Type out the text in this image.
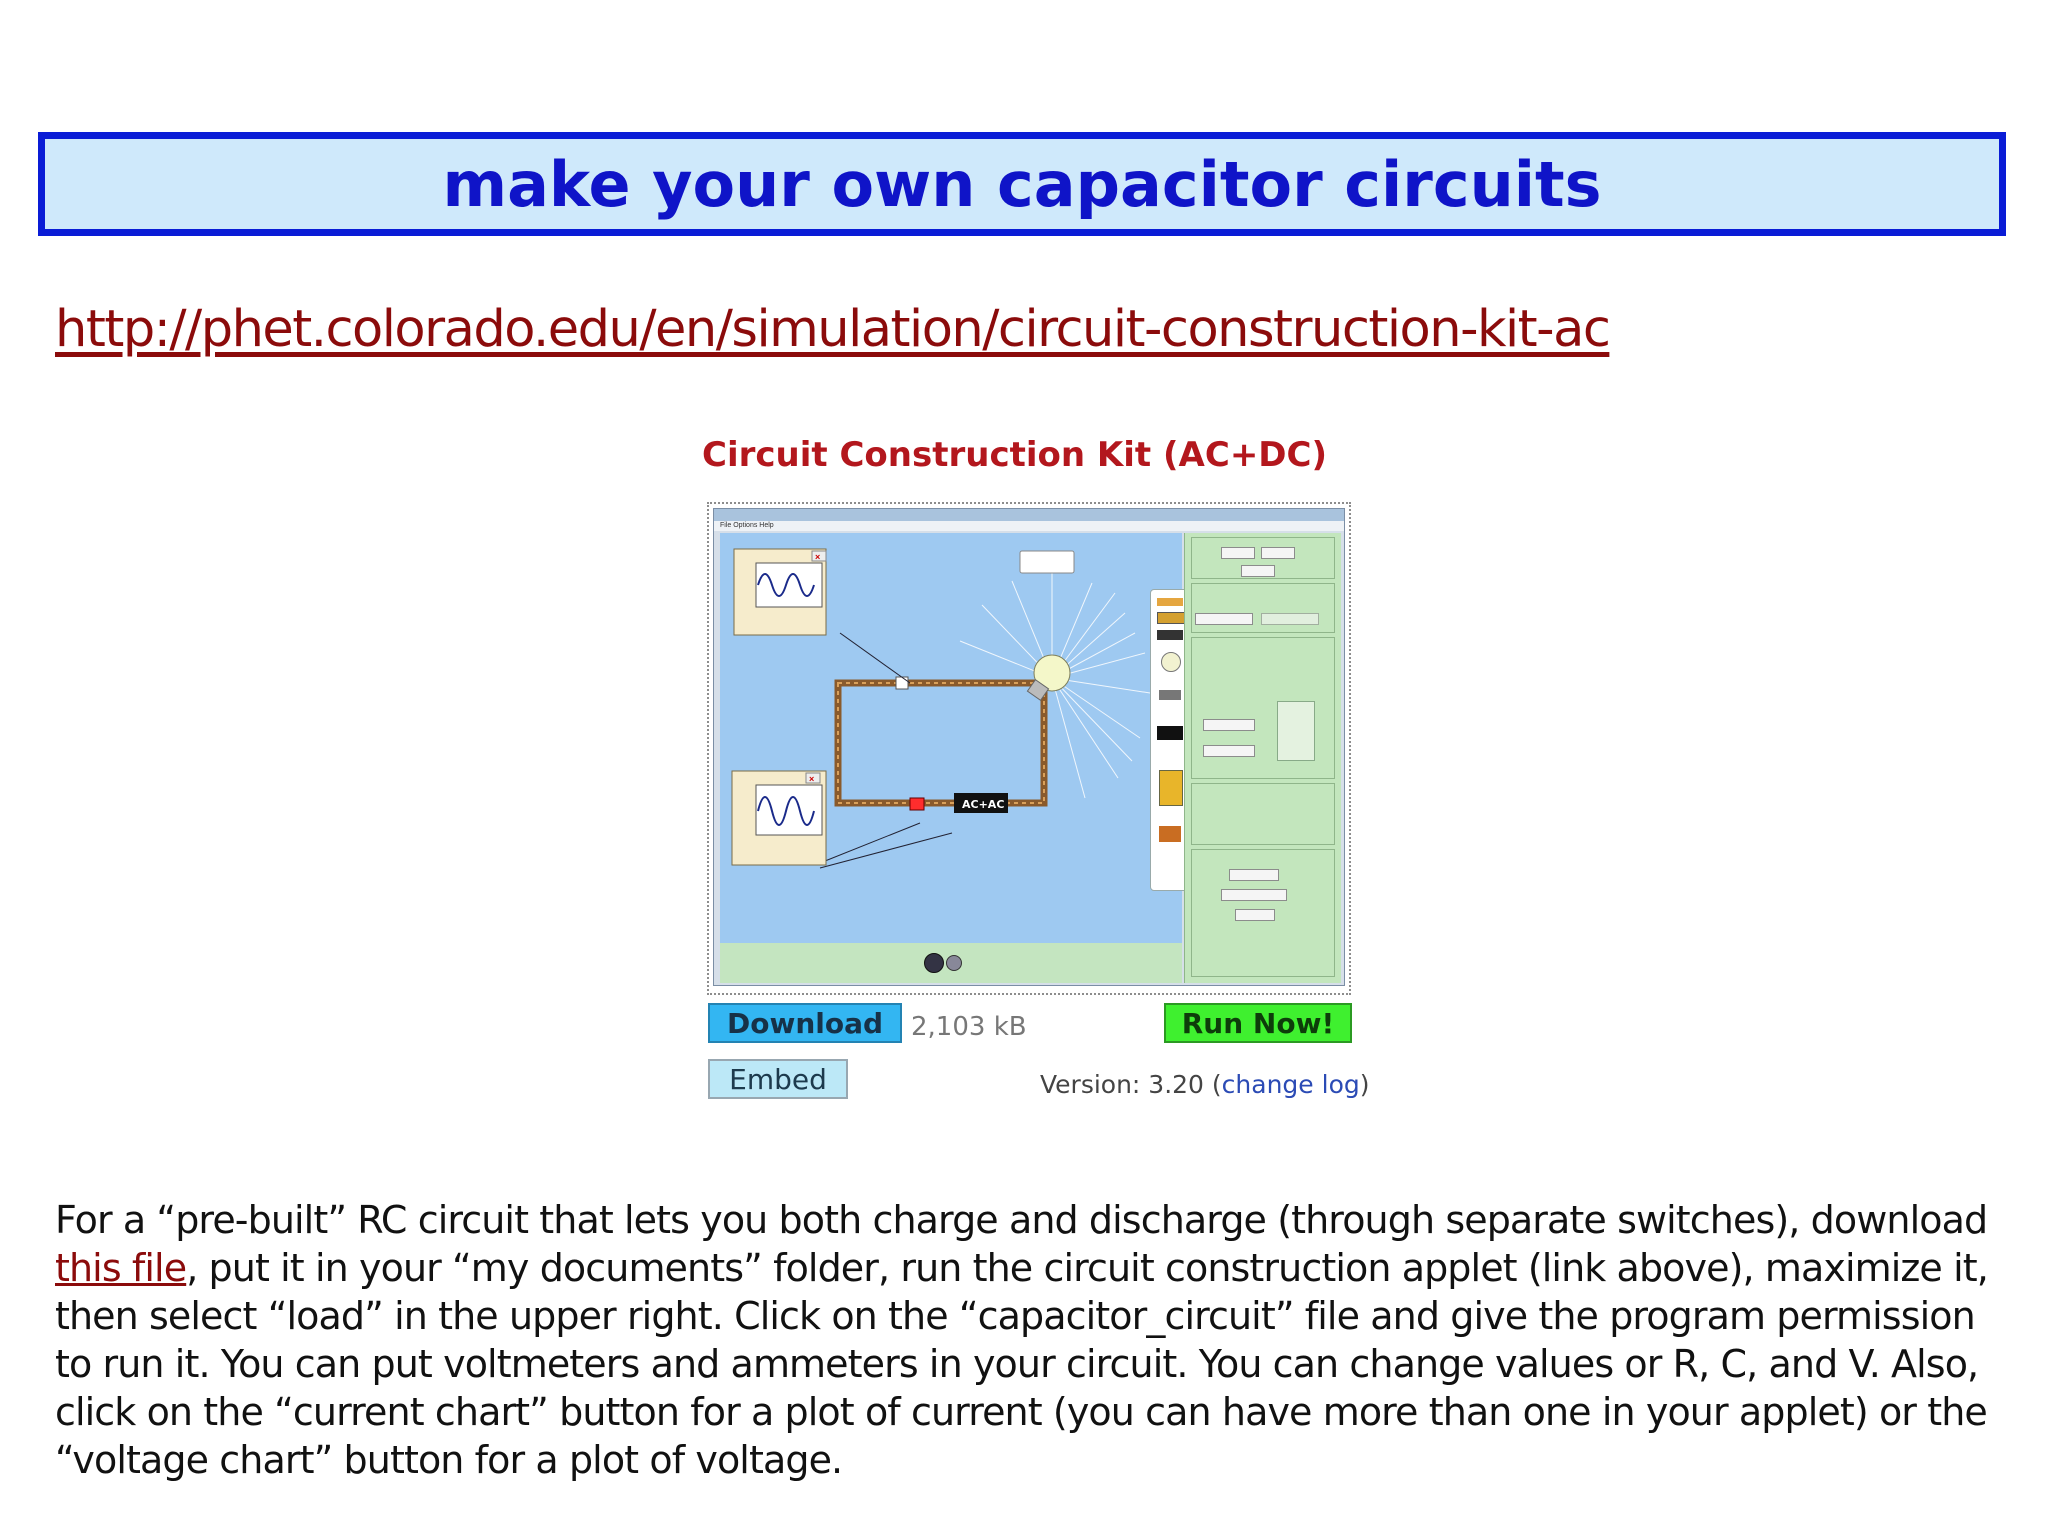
make your own capacitor circuits
http://phet.colorado.edu/en/simulation/circuit-construction-kit-ac
Circuit Construction Kit (AC+DC)
File Options Help
AC+AC
×
×
Download	2,103 kB	Run Now!
Embed	Version: 3.20 (change log)

For a “pre-built” RC circuit that lets you both charge and discharge (through separate switches), download this file, put it in your “my documents” folder, run the circuit construction applet (link above), maximize it, then select “load” in the upper right. Click on the “capacitor_circuit” file and give the program permission to run it. You can put voltmeters and ammeters in your circuit. You can change values or R, C, and V. Also, click on the “current chart” button for a plot of current (you can have more than one in your applet) or the “voltage chart” button for a plot of voltage.
